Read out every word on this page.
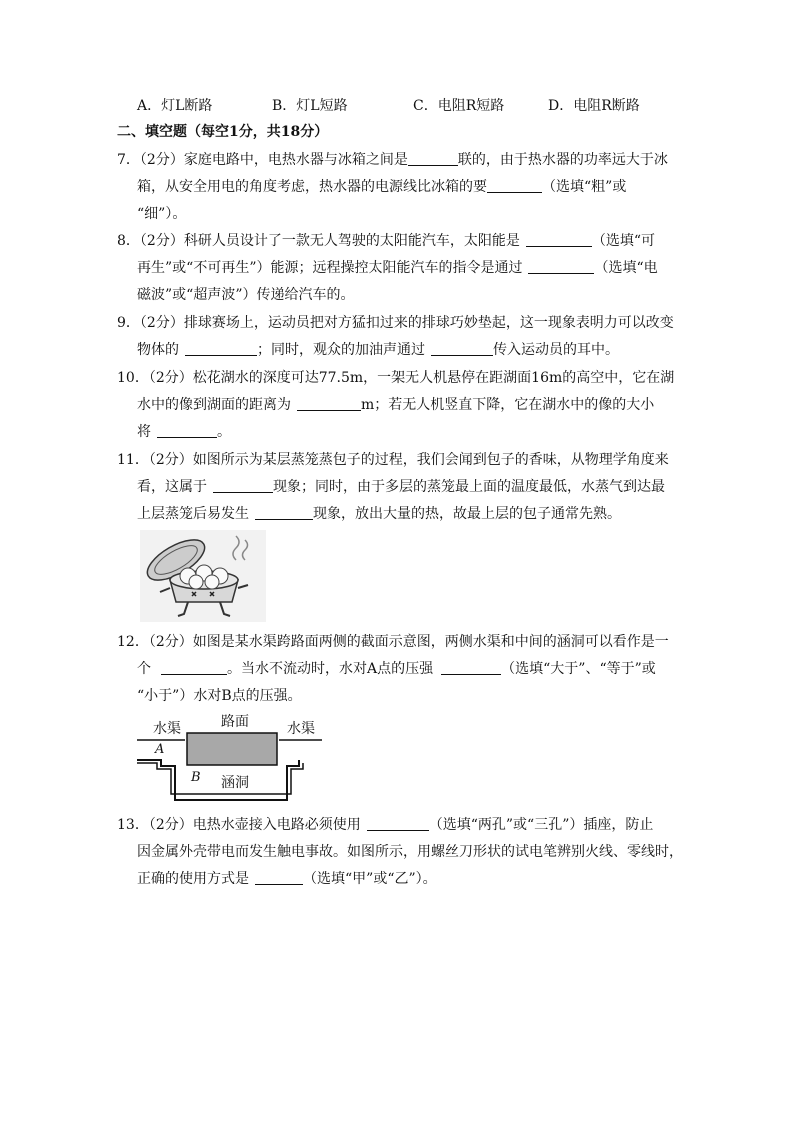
A．灯L断路	B．灯L短路	C．电阻R短路	D．电阻R断路
二、填空题（每空1分，共18分）
7．（2分）家庭电路中，电热水器与冰箱之间是	联的，由于热水器的功率远大于冰
箱，从安全用电的角度考虑，热水器的电源线比冰箱的要	（选填“粗”或
“细”）。
8．（2分）科研人员设计了一款无人驾驶的太阳能汽车，太阳能是	（选填“可
再生”或“不可再生”）能源；远程操控太阳能汽车的指令是通过	（选填“电
磁波”或“超声波”）传递给汽车的。
9．（2分）排球赛场上，运动员把对方猛扣过来的排球巧妙垫起，这一现象表明力可以改变
物体的	；同时，观众的加油声通过	传入运动员的耳中。
10．（2分）松花湖水的深度可达77.5m，一架无人机悬停在距湖面16m的高空中，它在湖
水中的像到湖面的距离为	m；若无人机竖直下降，它在湖水中的像的大小
将	。
11．（2分）如图所示为某层蒸笼蒸包子的过程，我们会闻到包子的香味，从物理学角度来
看，这属于	现象；同时，由于多层的蒸笼最上面的温度最低，水蒸气到达最
上层蒸笼后易发生	现象，放出大量的热，故最上层的包子通常先熟。
12．（2分）如图是某水渠跨路面两侧的截面示意图，两侧水渠和中间的涵洞可以看作是一
个	。当水不流动时，水对A点的压强	（选填“大于”、“等于”或
“小于”）水对B点的压强。
水渠	路面	水渠
A
B 涵洞
13．（2分）电热水壶接入电路必须使用	（选填“两孔”或“三孔”）插座，防止
因金属外壳带电而发生触电事故。如图所示，用螺丝刀形状的试电笔辨别火线、零线时，
正确的使用方式是	（选填“甲”或“乙”）。
